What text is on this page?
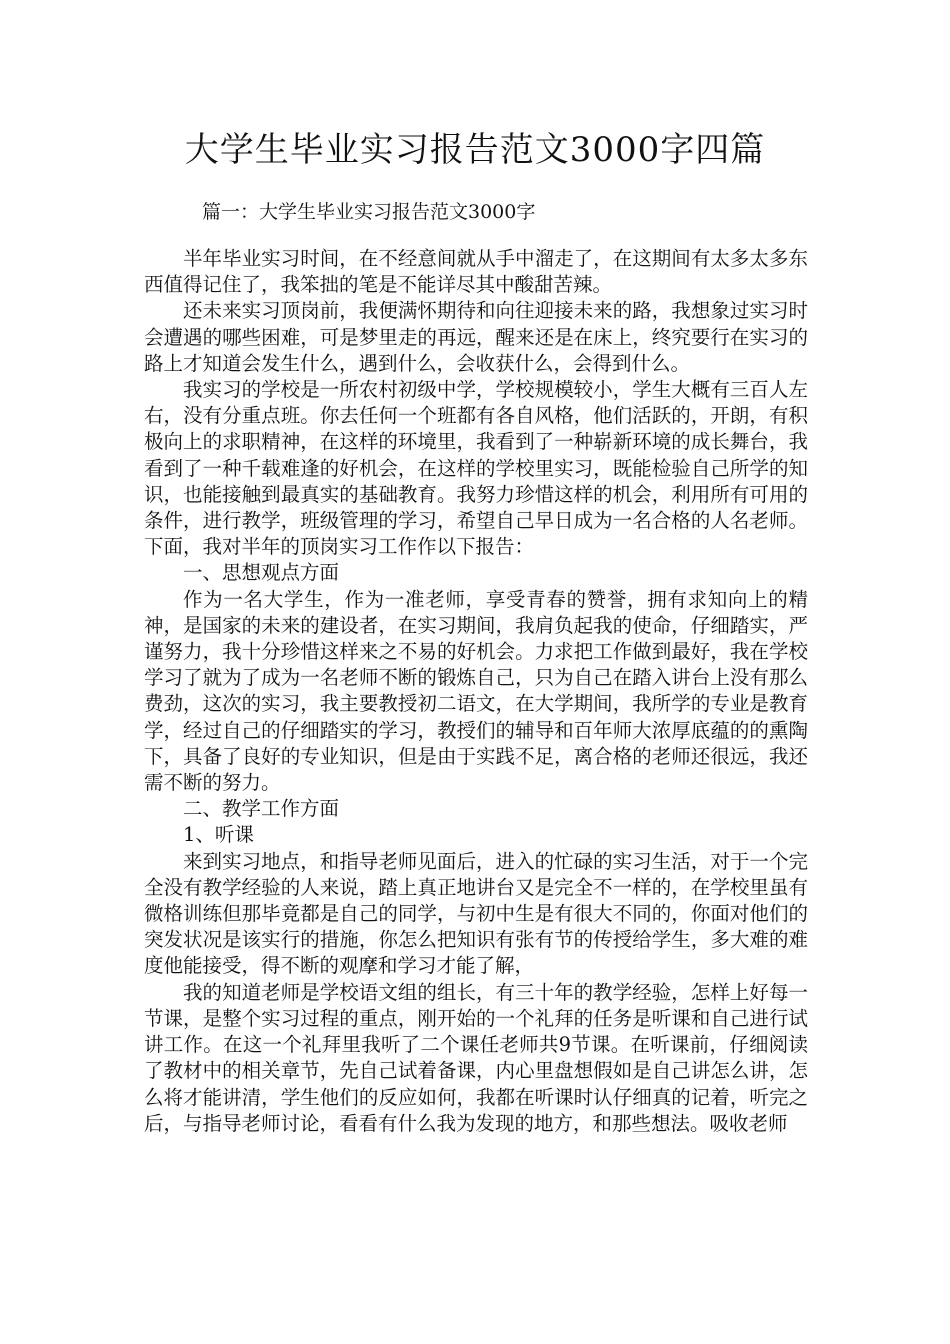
大学生毕业实习报告范文3000字四篇

篇一：大学生毕业实习报告范文3000字

半年毕业实习时间，在不经意间就从手中溜走了，在这期间有太多太多东西值得记住了，我笨拙的笔是不能详尽其中酸甜苦辣。

还未来实习顶岗前，我便满怀期待和向往迎接未来的路，我想象过实习时会遭遇的哪些困难，可是梦里走的再远，醒来还是在床上，终究要行在实习的路上才知道会发生什么，遇到什么，会收获什么，会得到什么。

我实习的学校是一所农村初级中学，学校规模较小，学生大概有三百人左右，没有分重点班。你去任何一个班都有各自风格，他们活跃的，开朗，有积极向上的求职精神，在这样的环境里，我看到了一种崭新环境的成长舞台，我看到了一种千载难逢的好机会，在这样的学校里实习，既能检验自己所学的知识，也能接触到最真实的基础教育。我努力珍惜这样的机会，利用所有可用的条件，进行教学，班级管理的学习，希望自己早日成为一名合格的人名老师。下面，我对半年的顶岗实习工作作以下报告：

一、思想观点方面

作为一名大学生，作为一准老师，享受青春的赞誉，拥有求知向上的精神，是国家的未来的建设者，在实习期间，我肩负起我的使命，仔细踏实，严谨努力，我十分珍惜这样来之不易的好机会。力求把工作做到最好，我在学校学习了就为了成为一名老师不断的锻炼自己，只为自己在踏入讲台上没有那么费劲，这次的实习，我主要教授初二语文，在大学期间，我所学的专业是教育学，经过自己的仔细踏实的学习，教授们的辅导和百年师大浓厚底蕴的的熏陶下，具备了良好的专业知识，但是由于实践不足，离合格的老师还很远，我还需不断的努力。

二、教学工作方面

1、听课

来到实习地点，和指导老师见面后，进入的忙碌的实习生活，对于一个完全没有教学经验的人来说，踏上真正地讲台又是完全不一样的，在学校里虽有微格训练但那毕竟都是自己的同学，与初中生是有很大不同的，你面对他们的突发状况是该实行的措施，你怎么把知识有张有节的传授给学生，多大难的难度他能接受，得不断的观摩和学习才能了解，

我的知道老师是学校语文组的组长，有三十年的教学经验，怎样上好每一节课，是整个实习过程的重点，刚开始的一个礼拜的任务是听课和自己进行试讲工作。在这一个礼拜里我听了二个课任老师共9节课。在听课前，仔细阅读了教材中的相关章节，先自己试着备课，内心里盘想假如是自己讲怎么讲，怎么将才能讲清，学生他们的反应如何，我都在听课时认仔细真的记着，听完之后，与指导老师讨论，看看有什么我为发现的地方，和那些想法。吸收老师
